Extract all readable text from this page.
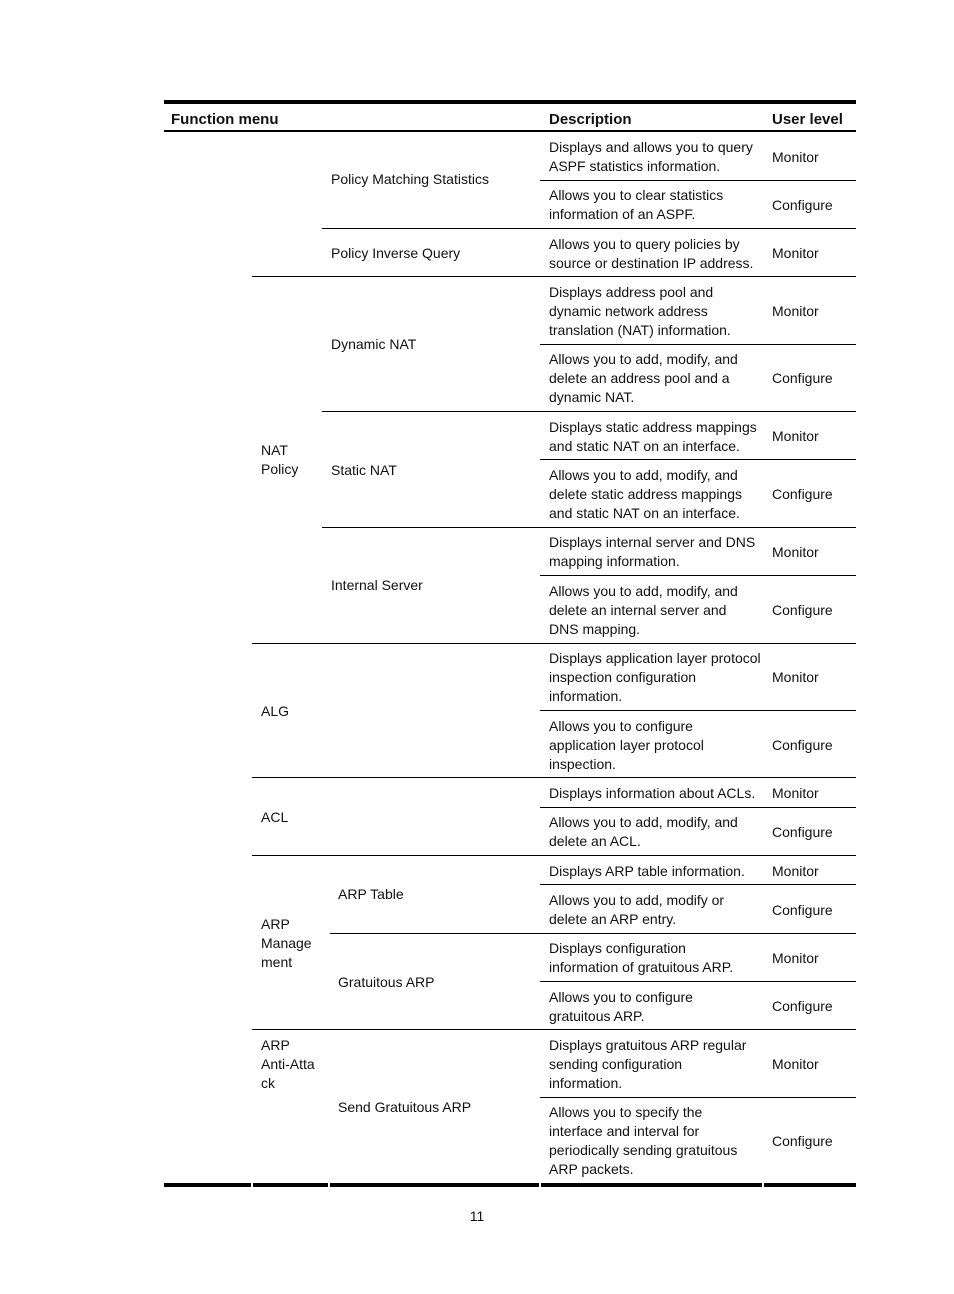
Function menu	Description	User level
NAT
Policy
ALG
ACL
ARP
Manage
ment
ARP
Anti-Atta
ck
Policy Matching Statistics
Policy Inverse Query
Dynamic NAT
Static NAT
Internal Server
ARP Table
Gratuitous ARP
Send Gratuitous ARP
Displays and allows you to query ASPF statistics information.
Allows you to clear statistics information of an ASPF.
Allows you to query policies by source or destination IP address.
Displays address pool and dynamic network address translation (NAT) information.
Allows you to add, modify, and delete an address pool and a dynamic NAT.
Displays static address mappings and static NAT on an interface.
Allows you to add, modify, and delete static address mappings and static NAT on an interface.
Displays internal server and DNS mapping information.
Allows you to add, modify, and delete an internal server and DNS mapping.
Displays application layer protocol inspection configuration information.
Allows you to configure application layer protocol inspection.
Displays information about ACLs.
Allows you to add, modify, and delete an ACL.
Displays ARP table information.
Allows you to add, modify or delete an ARP entry.
Displays configuration information of gratuitous ARP.
Allows you to configure gratuitous ARP.
Displays gratuitous ARP regular sending configuration information.
Allows you to specify the interface and interval for periodically sending gratuitous ARP packets.
Monitor
Configure
Monitor
Monitor
Configure
Monitor
Configure
Monitor
Configure
Monitor
Configure
Monitor
Configure
Monitor
Configure
Monitor
Configure
Monitor
Configure
11
